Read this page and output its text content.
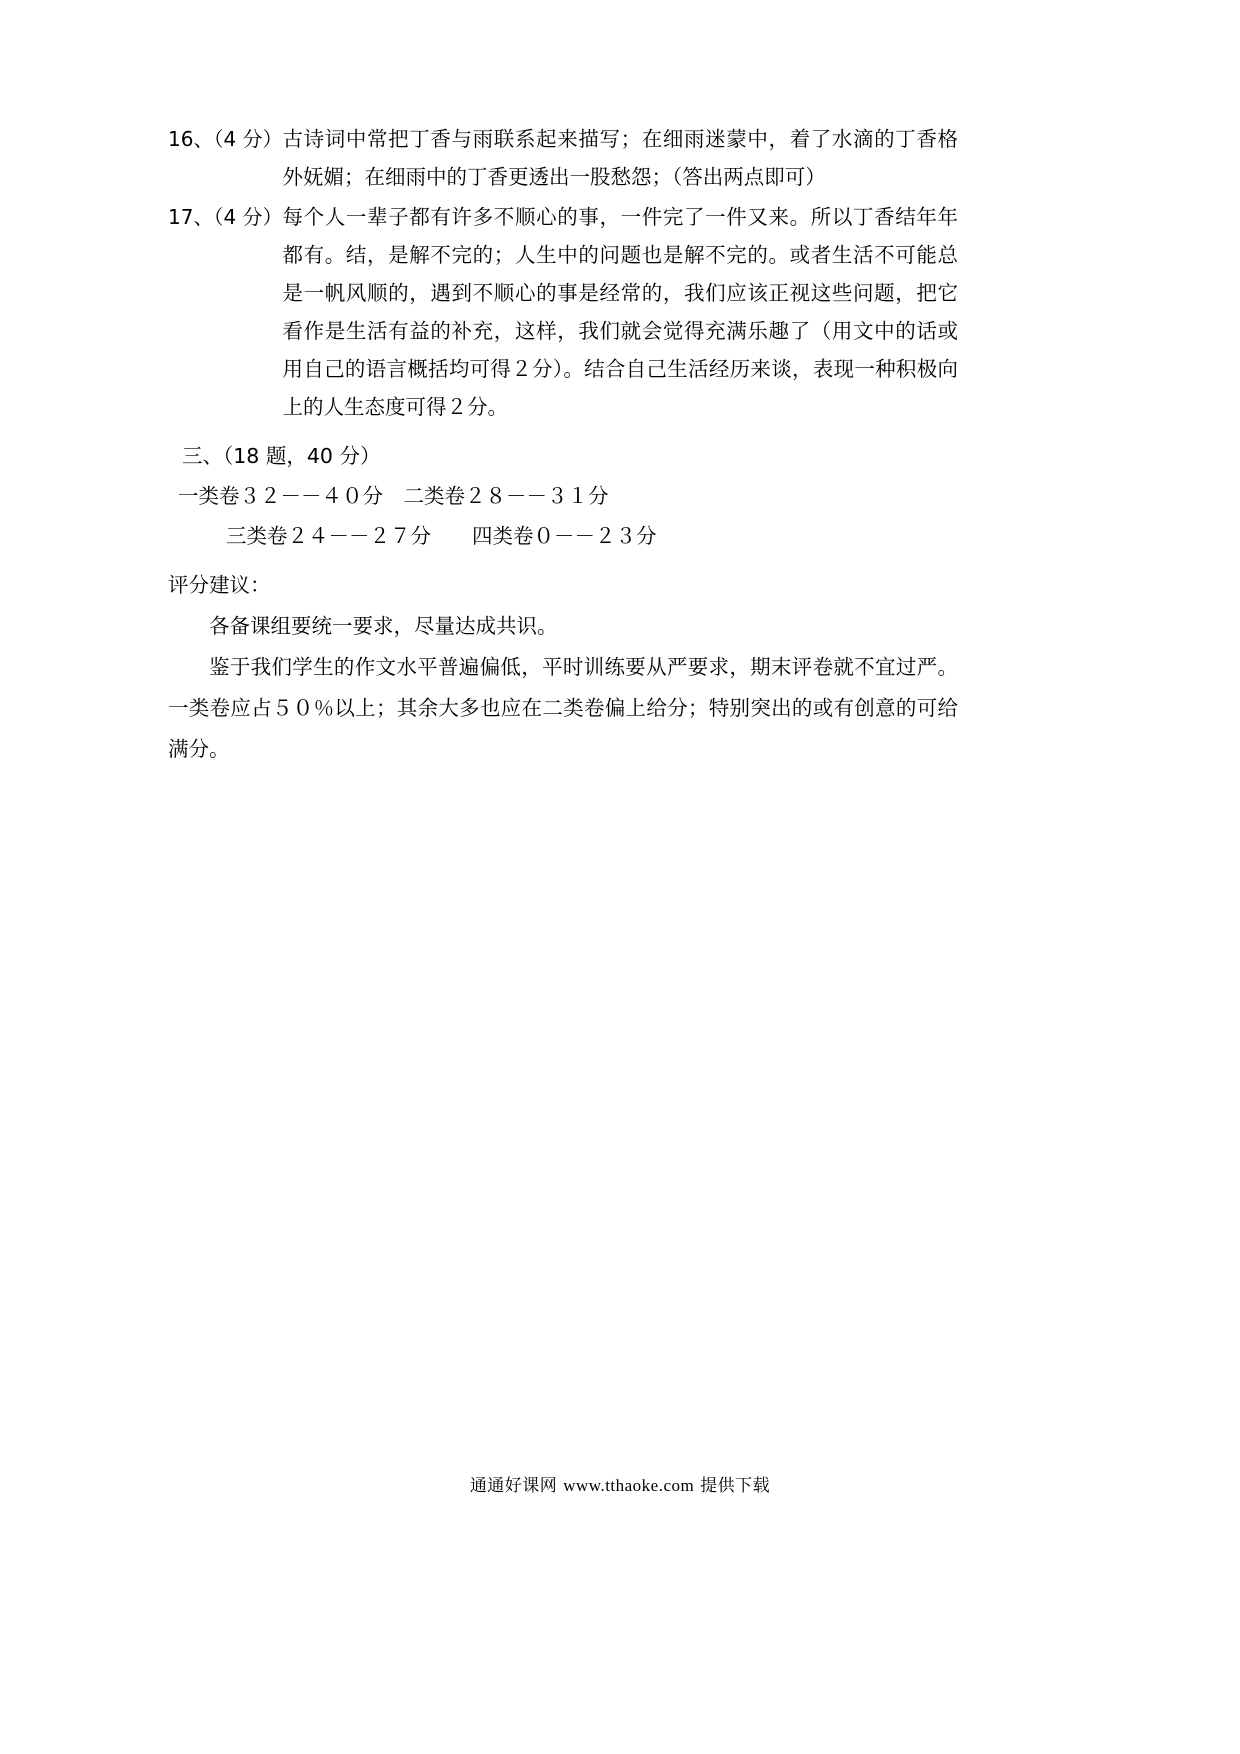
16、（4 分） 古诗词中常把丁香与雨联系起来描写；在细雨迷蒙中，着了水滴的丁香格外妩媚；在细雨中的丁香更透出一股愁怨；（答出两点即可）
17、（4 分） 每个人一辈子都有许多不顺心的事，一件完了一件又来。所以丁香结年年都有。结，是解不完的；人生中的问题也是解不完的。或者生活不可能总是一帆风顺的，遇到不顺心的事是经常的，我们应该正视这些问题，把它看作是生活有益的补充，这样，我们就会觉得充满乐趣了（用文中的话或用自己的语言概括均可得２分）。结合自己生活经历来谈，表现一种积极向上的人生态度可得２分。
三、（18 题，40 分）
一类卷３２－－４０分　二类卷２８－－３１分
三类卷２４－－２７分　　四类卷０－－２３分
评分建议：
各备课组要统一要求，尽量达成共识。
鉴于我们学生的作文水平普遍偏低，平时训练要从严要求，期末评卷就不宜过严。一类卷应占５０％以上；其余大多也应在二类卷偏上给分；特别突出的或有创意的可给满分。
通通好课网 www.tthaoke.com 提供下载
